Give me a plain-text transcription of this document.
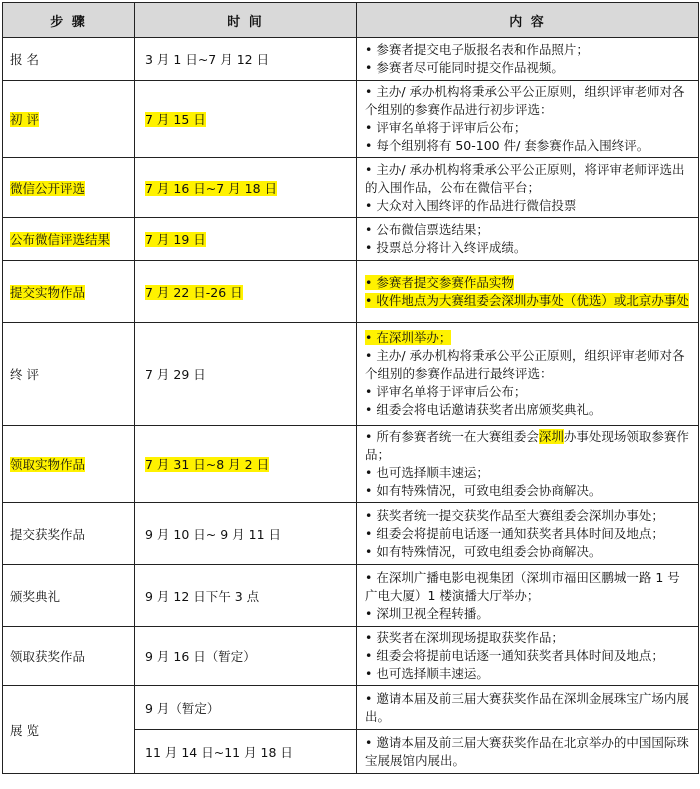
步 骤	时 间	内 容
报 名	3 月 1 日~7 月 12 日	• 参赛者提交电子版报名表和作品照片；
• 参赛者尽可能同时提交作品视频。

初 评	7 月 15 日	• 主办/ 承办机构将秉承公平公正原则，组织评审老师对各个组别的参赛作品进行初步评选：
• 评审名单将于评审后公布；
• 每个组别将有 50-100 件/ 套参赛作品入围终评。

微信公开评选	7 月 16 日~7 月 18 日	• 主办/ 承办机构将秉承公平公正原则，将评审老师评选出的入围作品，公布在微信平台；
• 大众对入围终评的作品进行微信投票

公布微信评选结果	7 月 19 日	• 公布微信票选结果；
• 投票总分将计入终评成绩。

提交实物作品	7 月 22 日-26 日	• 参赛者提交参赛作品实物
• 收件地点为大赛组委会深圳办事处（优选）或北京办事处

终 评	7 月 29 日	• 在深圳举办；
• 主办/ 承办机构将秉承公平公正原则，组织评审老师对各个组别的参赛作品进行最终评选：
• 评审名单将于评审后公布；
• 组委会将电话邀请获奖者出席颁奖典礼。

领取实物作品	7 月 31 日~8 月 2 日	• 所有参赛者统一在大赛组委会深圳办事处现场领取参赛作品；
• 也可选择顺丰速运；
• 如有特殊情况，可致电组委会协商解决。

提交获奖作品	9 月 10 日~ 9 月 11 日	• 获奖者统一提交获奖作品至大赛组委会深圳办事处；
• 组委会将提前电话逐一通知获奖者具体时间及地点；
• 如有特殊情况，可致电组委会协商解决。

颁奖典礼	9 月 12 日下午 3 点	• 在深圳广播电影电视集团（深圳市福田区鹏城一路 1 号广电大厦）1 楼演播大厅举办；
• 深圳卫视全程转播。

领取获奖作品	9 月 16 日（暂定）	• 获奖者在深圳现场提取获奖作品；
• 组委会将提前电话逐一通知获奖者具体时间及地点；
• 也可选择顺丰速运。

展 览	9 月（暂定）	• 邀请本届及前三届大赛获奖作品在深圳金展珠宝广场内展出。

	11 月 14 日~11 月 18 日	• 邀请本届及前三届大赛获奖作品在北京举办的中国国际珠宝展展馆内展出。
